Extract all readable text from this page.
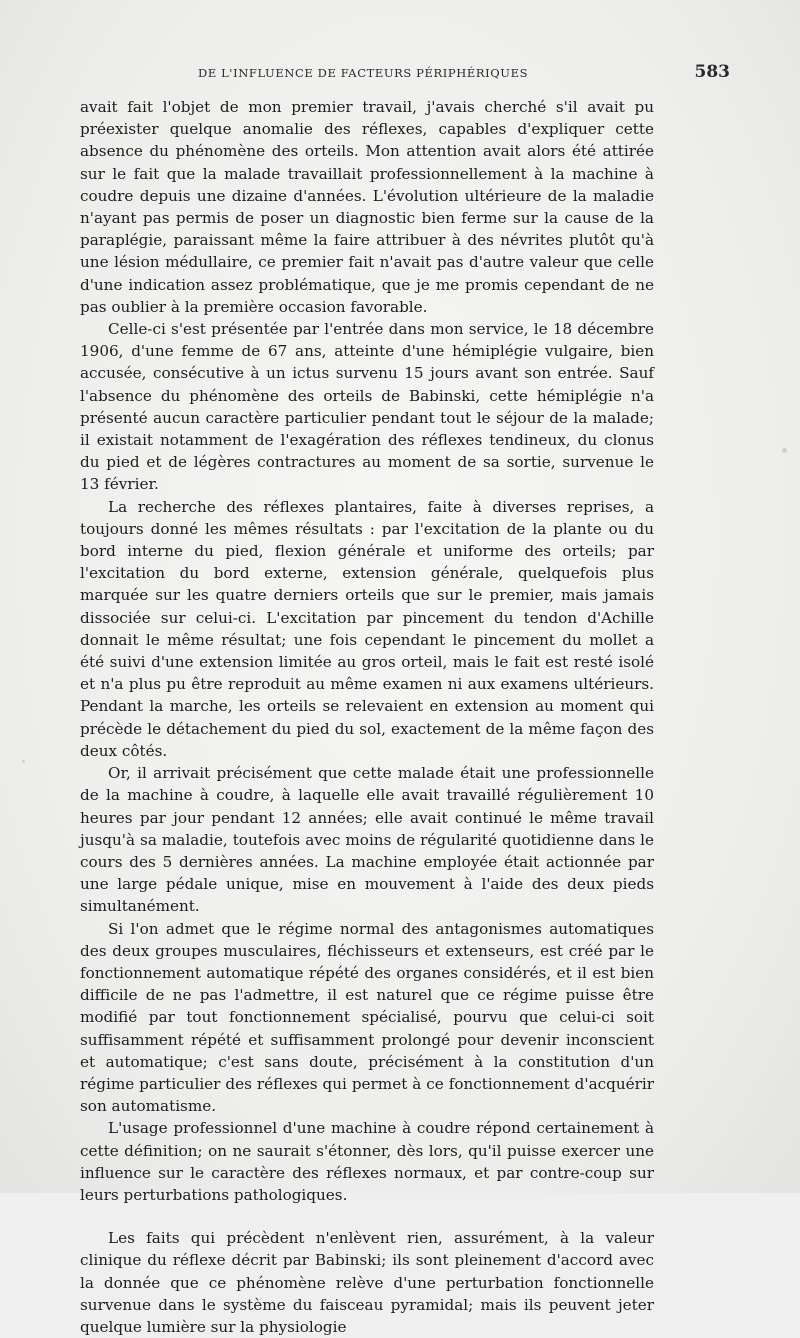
DE L'INFLUENCE DE FACTEURS PÉRIPHÉRIQUES	583

avait fait l'objet de mon premier travail, j'avais cherché s'il avait pu préexister quelque anomalie des réflexes, capables d'expliquer cette absence du phénomène des orteils. Mon attention avait alors été attirée sur le fait que la malade travaillait professionnellement à la machine à coudre depuis une dizaine d'années. L'évolution ultérieure de la maladie n'ayant pas permis de poser un diagnostic bien ferme sur la cause de la paraplégie, paraissant même la faire attribuer à des névrites plutôt qu'à une lésion médullaire, ce premier fait n'avait pas d'autre valeur que celle d'une indication assez problématique, que je me promis cependant de ne pas oublier à la première occasion favorable.

Celle-ci s'est présentée par l'entrée dans mon service, le 18 décembre 1906, d'une femme de 67 ans, atteinte d'une hémiplégie vulgaire, bien accusée, consécutive à un ictus survenu 15 jours avant son entrée. Sauf l'absence du phénomène des orteils de Babinski, cette hémiplégie n'a présenté aucun caractère particulier pendant tout le séjour de la malade; il existait notamment de l'exagération des réflexes tendineux, du clonus du pied et de légères contractures au moment de sa sortie, survenue le 13 février.

La recherche des réflexes plantaires, faite à diverses reprises, a toujours donné les mêmes résultats : par l'excitation de la plante ou du bord interne du pied, flexion générale et uniforme des orteils; par l'excitation du bord externe, extension générale, quelquefois plus marquée sur les quatre derniers orteils que sur le premier, mais jamais dissociée sur celui-ci. L'excitation par pincement du tendon d'Achille donnait le même résultat; une fois cependant le pincement du mollet a été suivi d'une extension limitée au gros orteil, mais le fait est resté isolé et n'a plus pu être reproduit au même examen ni aux examens ultérieurs. Pendant la marche, les orteils se relevaient en extension au moment qui précède le détachement du pied du sol, exactement de la même façon des deux côtés.

Or, il arrivait précisément que cette malade était une professionnelle de la machine à coudre, à laquelle elle avait travaillé régulièrement 10 heures par jour pendant 12 années; elle avait continué le même travail jusqu'à sa maladie, toutefois avec moins de régularité quotidienne dans le cours des 5 dernières années. La machine employée était actionnée par une large pédale unique, mise en mouvement à l'aide des deux pieds simultanément.

Si l'on admet que le régime normal des antagonismes automatiques des deux groupes musculaires, fléchisseurs et extenseurs, est créé par le fonctionnement automatique répété des organes considérés, et il est bien difficile de ne pas l'admettre, il est naturel que ce régime puisse être modifié par tout fonctionnement spécialisé, pourvu que celui-ci soit suffisamment répété et suffisamment prolongé pour devenir inconscient et automatique; c'est sans doute, précisément à la constitution d'un régime particulier des réflexes qui permet à ce fonctionnement d'acquérir son automatisme.

L'usage professionnel d'une machine à coudre répond certainement à cette définition; on ne saurait s'étonner, dès lors, qu'il puisse exercer une influence sur le caractère des réflexes normaux, et par contre-coup sur leurs perturbations pathologiques.

Les faits qui précèdent n'enlèvent rien, assurément, à la valeur clinique du réflexe décrit par Babinski; ils sont pleinement d'accord avec la donnée que ce phénomène relève d'une perturbation fonctionnelle survenue dans le système du faisceau pyramidal; mais ils peuvent jeter quelque lumière sur la physiologie
